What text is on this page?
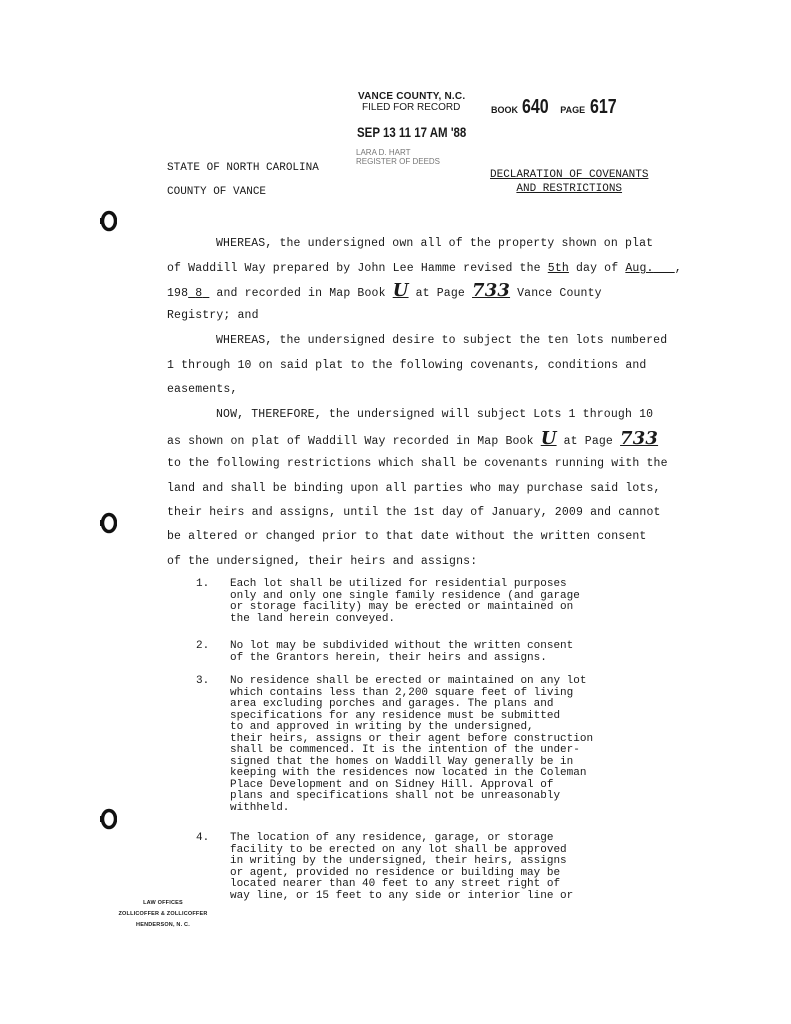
VANCE COUNTY, N.C.
FILED FOR RECORD
SEP 13 11 17 AM '88
LARA D. HART
REGISTER OF DEEDS
BOOK 640 PAGE 617
STATE OF NORTH CAROLINA
COUNTY OF VANCE
DECLARATION OF COVENANTS
AND RESTRICTIONS
WHEREAS, the undersigned own all of the property shown on plat
of Waddill Way prepared by John Lee Hamme revised the 5th day of Aug. ,
198 8  and recorded in Map Book U at Page 733 Vance County
Registry; and
WHEREAS, the undersigned desire to subject the ten lots numbered
1 through 10 on said plat to the following covenants, conditions and
easements,
NOW, THEREFORE, the undersigned will subject Lots 1 through 10
as shown on plat of Waddill Way recorded in Map Book U at Page 733
to the following restrictions which shall be covenants running with the
land and shall be binding upon all parties who may purchase said lots,
their heirs and assigns, until the 1st day of January, 2009 and cannot
be altered or changed prior to that date without the written consent
of the undersigned, their heirs and assigns:
1. Each lot shall be utilized for residential purposes
only and only one single family residence (and garage
or storage facility) may be erected or maintained on
the land herein conveyed.
2. No lot may be subdivided without the written consent
of the Grantors herein, their heirs and assigns.
3. No residence shall be erected or maintained on any lot
which contains less than 2,200 square feet of living
area excluding porches and garages. The plans and
specifications for any residence must be submitted
to and approved in writing by the undersigned,
their heirs, assigns or their agent before construction
shall be commenced. It is the intention of the under-
signed that the homes on Waddill Way generally be in
keeping with the residences now located in the Coleman
Place Development and on Sidney Hill. Approval of
plans and specifications shall not be unreasonably
withheld.
4. The location of any residence, garage, or storage
facility to be erected on any lot shall be approved
in writing by the undersigned, their heirs, assigns
or agent, provided no residence or building may be
located nearer than 40 feet to any street right of
way line, or 15 feet to any side or interior line or
LAW OFFICES
ZOLLICOFFER & ZOLLICOFFER
HENDERSON, N. C.
